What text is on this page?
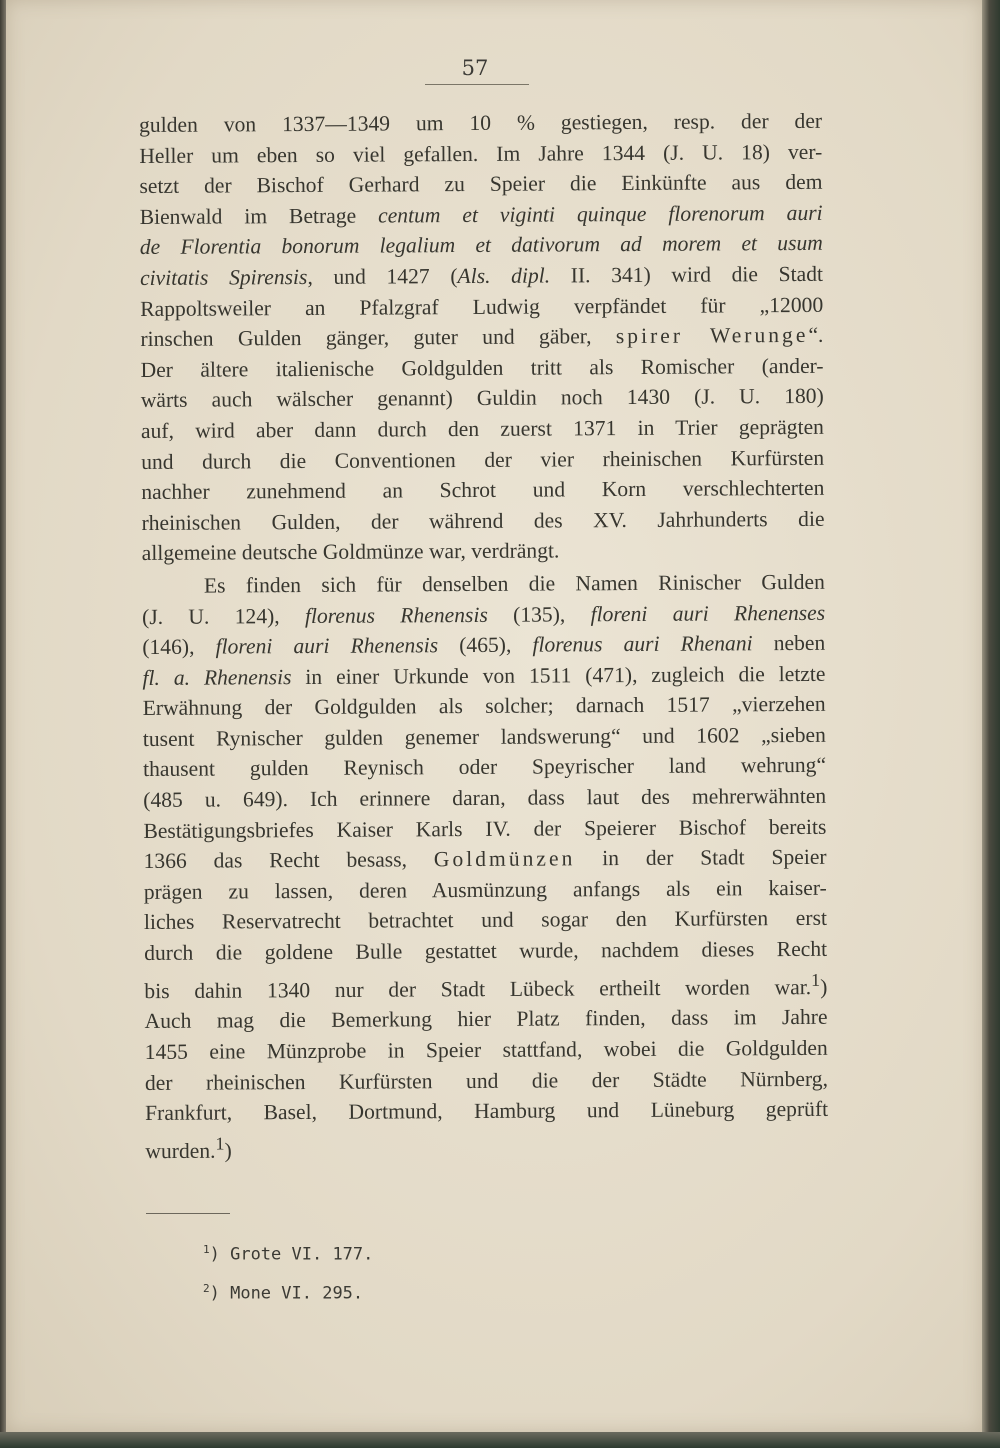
57

gulden von 1337—1349 um 10 % gestiegen, resp. der der
Heller um eben so viel gefallen. Im Jahre 1344 (J. U. 18) ver-
setzt der Bischof Gerhard zu Speier die Einkünfte aus dem
Bienwald im Betrage centum et viginti quinque florenorum auri
de Florentia bonorum legalium et dativorum ad morem et usum
civitatis Spirensis, und 1427 (Als. dipl. II. 341) wird die Stadt
Rappoltsweiler an Pfalzgraf Ludwig verpfändet für „12000
rinschen Gulden gänger, guter und gäber, spirer Werunge“.
Der ältere italienische Goldgulden tritt als Romischer (ander-
wärts auch wälscher genannt) Guldin noch 1430 (J. U. 180)
auf, wird aber dann durch den zuerst 1371 in Trier geprägten
und durch die Conventionen der vier rheinischen Kurfürsten
nachher zunehmend an Schrot und Korn verschlechterten
rheinischen Gulden, der während des XV. Jahrhunderts die
allgemeine deutsche Goldmünze war, verdrängt.

Es finden sich für denselben die Namen Rinischer Gulden
(J. U. 124), florenus Rhenensis (135), floreni auri Rhenenses
(146), floreni auri Rhenensis (465), florenus auri Rhenani neben
fl. a. Rhenensis in einer Urkunde von 1511 (471), zugleich die letzte
Erwähnung der Goldgulden als solcher; darnach 1517 „vierzehen
tusent Rynischer gulden genemer landswerung“ und 1602 „sieben
thausent gulden Reynisch oder Speyrischer land wehrung“
(485 u. 649). Ich erinnere daran, dass laut des mehrerwähnten
Bestätigungsbriefes Kaiser Karls IV. der Speierer Bischof bereits
1366 das Recht besass, Goldmünzen in der Stadt Speier
prägen zu lassen, deren Ausmünzung anfangs als ein kaiser-
liches Reservatrecht betrachtet und sogar den Kurfürsten erst
durch die goldene Bulle gestattet wurde, nachdem dieses Recht
bis dahin 1340 nur der Stadt Lübeck ertheilt worden war.$^1$)
Auch mag die Bemerkung hier Platz finden, dass im Jahre
1455 eine Münzprobe in Speier stattfand, wobei die Goldgulden
der rheinischen Kurfürsten und die der Städte Nürnberg,
Frankfurt, Basel, Dortmund, Hamburg und Lüneburg geprüft
wurden.$^1$)

$^1$) Grote VI. 177.
$^2$) Mone VI. 295.
